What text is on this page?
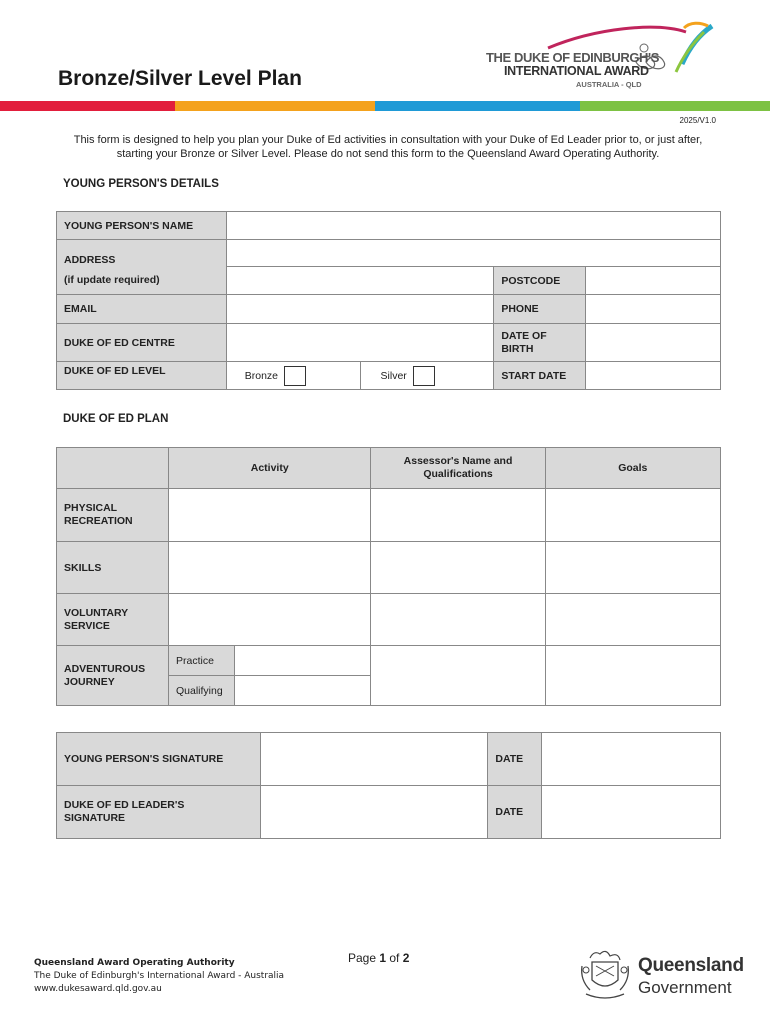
Bronze/Silver Level Plan
THE DUKE OF EDINBURGH'S
INTERNATIONAL AWARD
AUSTRALIA - QLD
2025/V1.0
This form is designed to help you plan your Duke of Ed activities in consultation with your Duke of Ed Leader prior to, or just after, starting your Bronze or Silver Level. Please do not send this form to the Queensland Award Operating Authority.
YOUNG PERSON'S DETAILS
YOUNG PERSON'S NAME				

ADDRESS
(if update required)				

			POSTCODE	
EMAIL			PHONE	
DUKE OF ED CENTRE			DATE OF BIRTH	
DUKE OF ED LEVEL	Bronze	Silver	START DATE	
DUKE OF ED PLAN
	Activity		Assessor's Name and Qualifications	Goals
PHYSICAL RECREATION				
SKILLS				
VOLUNTARY SERVICE				
ADVENTUROUS JOURNEY	Practice			
	Qualifying			
YOUNG PERSON'S SIGNATURE		DATE	
DUKE OF ED LEADER'S SIGNATURE		DATE	
Queensland Award Operating Authority
The Duke of Edinburgh's International Award - Australia
www.dukesaward.qld.gov.au
Page 1 of 2	Queensland
Government
